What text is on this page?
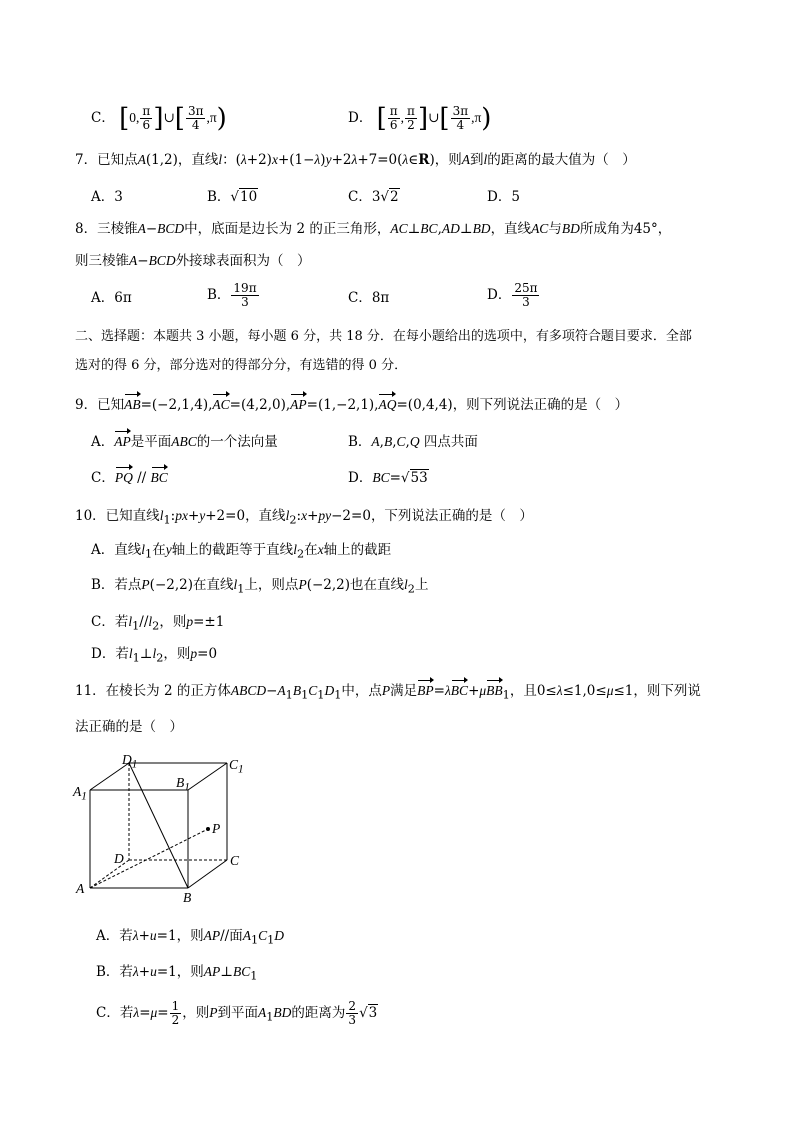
C． [0, $\frac{\pi}{6}$ ]∪[ $\frac{3\pi}{4} ,\pi$)	D． [ $\frac{\pi}{6}$ , $\frac{\pi}{2}$ ]∪[ $\frac{3\pi}{4} ,\pi$)
7．已知点A(1,2)，直线l：(λ+2)x+(1−λ)y+2λ+7=0(λ∈R)，则A到l的距离的最大值为（　）
A．3	B．√10	C．3√2	D．5
8．三棱锥A−BCD中，底面是边长为 2 的正三角形，AC⊥BC,AD⊥BD，直线AC与BD所成角为45°，
则三棱锥A−BCD外接球表面积为（　）
A．6π	B． $\frac{19\pi}{3}$	C．8π	D． $\frac{25\pi}{3}$
二、选择题：本题共 3 小题，每小题 6 分，共 18 分．在每小题给出的选项中，有多项符合题目要求．全部
选对的得 6 分，部分选对的得部分分，有选错的得 0 分．
9．已知AB=(−2,1,4),AC=(4,2,0),AP=(1,−2,1),AQ=(0,4,4)，则下列说法正确的是（　）
A．AP是平面ABC的一个法向量	B．A,B,C,Q 四点共面
C．PQ // BC	D．BC=√53
10．已知直线$l_1:px+y+2=0$，直线$l_2:x+py-2=0$，下列说法正确的是（　）
A．直线$l_1$在y轴上的截距等于直线$l_2$在x轴上的截距
B．若点P(−2,2)在直线$l_1$上，则点P(−2,2)也在直线$l_2$上
C．若$l_1//l_2$，则p=±1
D．若$l_1\perp l_2$，则p=0
11．在棱长为 2 的正方体$ABCD-A_1B_1C_1D_1$中，点P满足BP=λBC+μBB$_1$，且0≤λ≤1,0≤μ≤1，则下列说
法正确的是（　）
$D_1$	$C_1$
$A_1$
$B_1$
P
D	C
A
B
A．若λ+u=1，则AP//面$A_1C_1D$
B．若λ+u=1，则$AP\perp BC_1$
C．若$\lambda=\mu= \frac{1}{2}$ ，则P到平面$A_1BD$的距离为 $\frac{2}{3} √3$
